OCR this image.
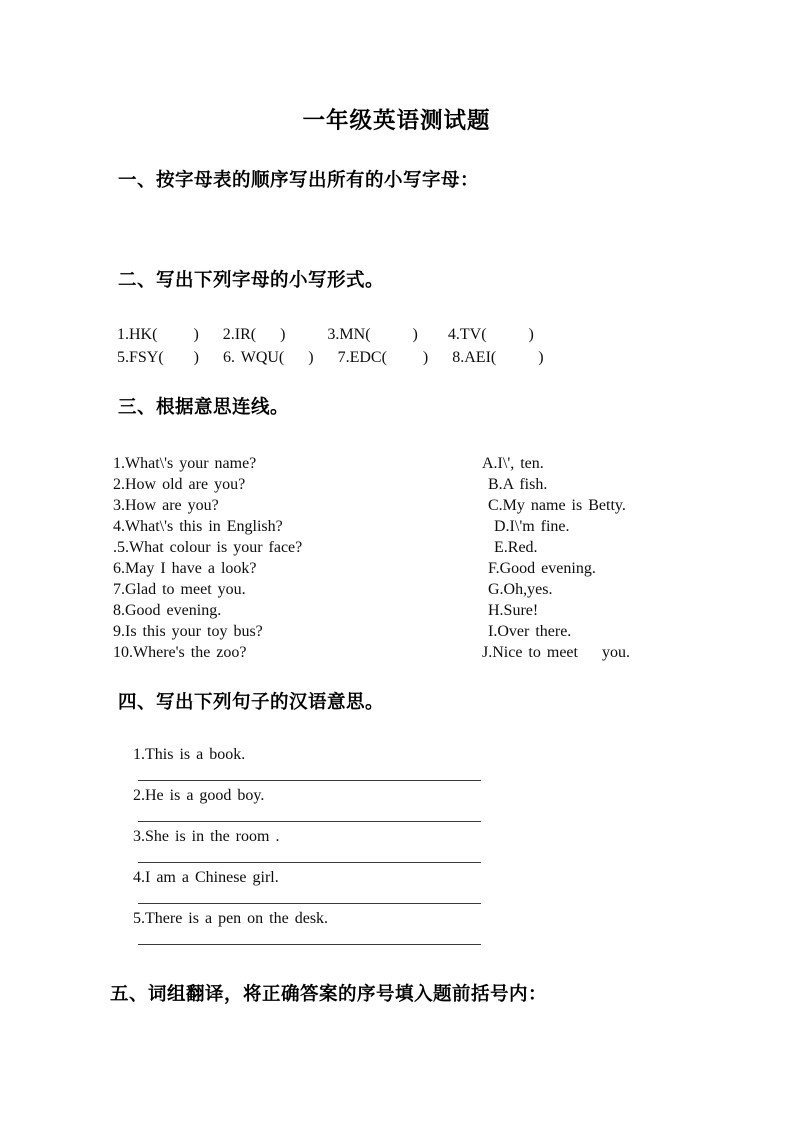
一年级英语测试题
一、按字母表的顺序写出所有的小写字母：
二、写出下列字母的小写形式。
1.HK(      )    2.IR(    )       3.MN(       )     4.TV(       )
5.FSY(     )    6. WQU(    )    7.EDC(      )    8.AEI(       )
三、根据意思连线。
1.What\'s your name?
2.How old are you?
3.How are you?
4.What\'s this in English?
.5.What colour is your face?
6.May I have a look?
7.Glad to meet you.
8.Good evening.
9.Is this your toy bus?
10.Where's the zoo?
A.I\', ten.
B.A fish.
C.My name is Betty.
D.I\'m fine.
E.Red.
F.Good evening.
G.Oh,yes.
H.Sure!
I.Over there.
J.Nice to meet    you.
四、写出下列句子的汉语意思。
1.This is a book.
2.He is a good boy.
3.She is in the room .
4.I am a Chinese girl.
5.There is a pen on the desk.
五、词组翻译，将正确答案的序号填入题前括号内：
